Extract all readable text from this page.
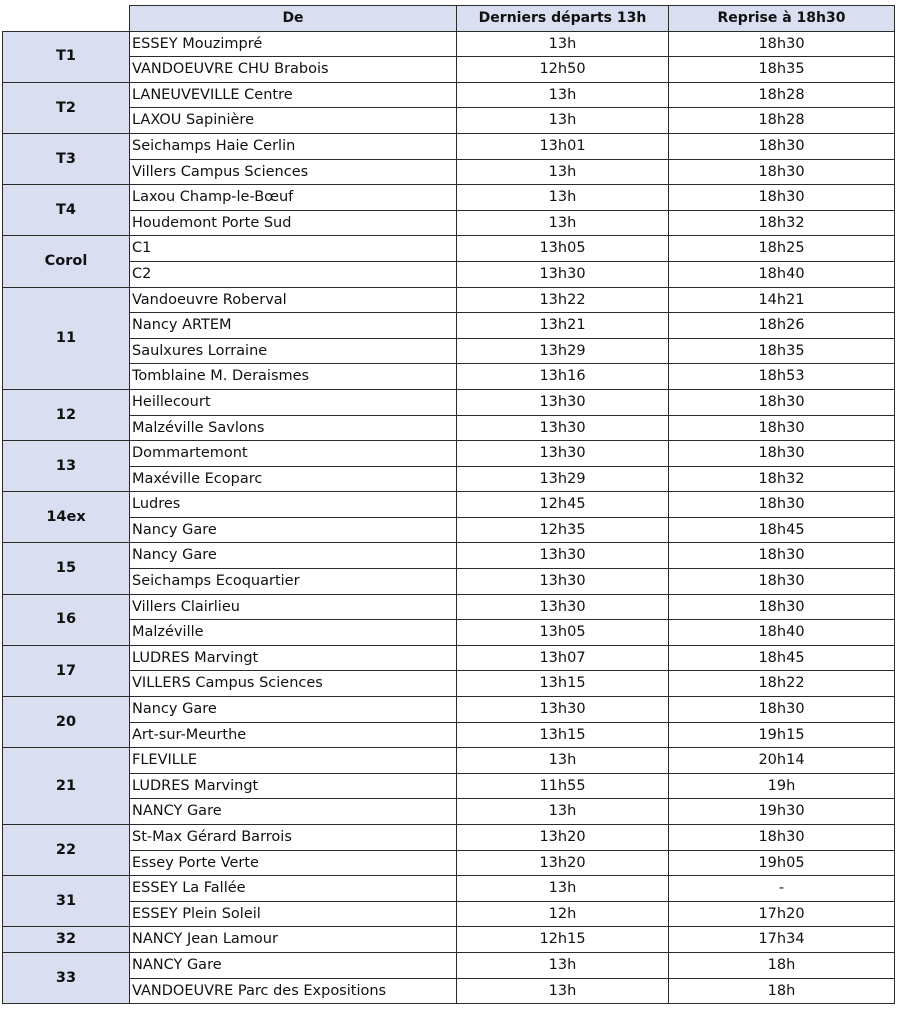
	De	Derniers départs 13h	Reprise à 18h30
T1	ESSEY Mouzimpré	13h	18h30
	VANDOEUVRE CHU Brabois	12h50	18h35
T2	LANEUVEVILLE Centre	13h	18h28
	LAXOU Sapinière	13h	18h28
T3	Seichamps Haie Cerlin	13h01	18h30
	Villers Campus Sciences	13h	18h30
T4	Laxou Champ-le-Bœuf	13h	18h30
	Houdemont Porte Sud	13h	18h32
Corol	C1	13h05	18h25
	C2	13h30	18h40
11	Vandoeuvre Roberval	13h22	14h21
	Nancy ARTEM	13h21	18h26
	Saulxures Lorraine	13h29	18h35
	Tomblaine M. Deraismes	13h16	18h53
12	Heillecourt	13h30	18h30
	Malzéville Savlons	13h30	18h30
13	Dommartemont	13h30	18h30
	Maxéville Ecoparc	13h29	18h32
14ex	Ludres	12h45	18h30
	Nancy Gare	12h35	18h45
15	Nancy Gare	13h30	18h30
	Seichamps Ecoquartier	13h30	18h30
16	Villers Clairlieu	13h30	18h30
	Malzéville	13h05	18h40
17	LUDRES Marvingt	13h07	18h45
	VILLERS Campus Sciences	13h15	18h22
20	Nancy Gare	13h30	18h30
	Art-sur-Meurthe	13h15	19h15
21	FLEVILLE	13h	20h14
	LUDRES Marvingt	11h55	19h
	NANCY Gare	13h	19h30
22	St-Max Gérard Barrois	13h20	18h30
	Essey Porte Verte	13h20	19h05
31	ESSEY La Fallée	13h	-
	ESSEY Plein Soleil	12h	17h20
32	NANCY Jean Lamour	12h15	17h34
33	NANCY Gare	13h	18h
	VANDOEUVRE Parc des Expositions	13h	18h
